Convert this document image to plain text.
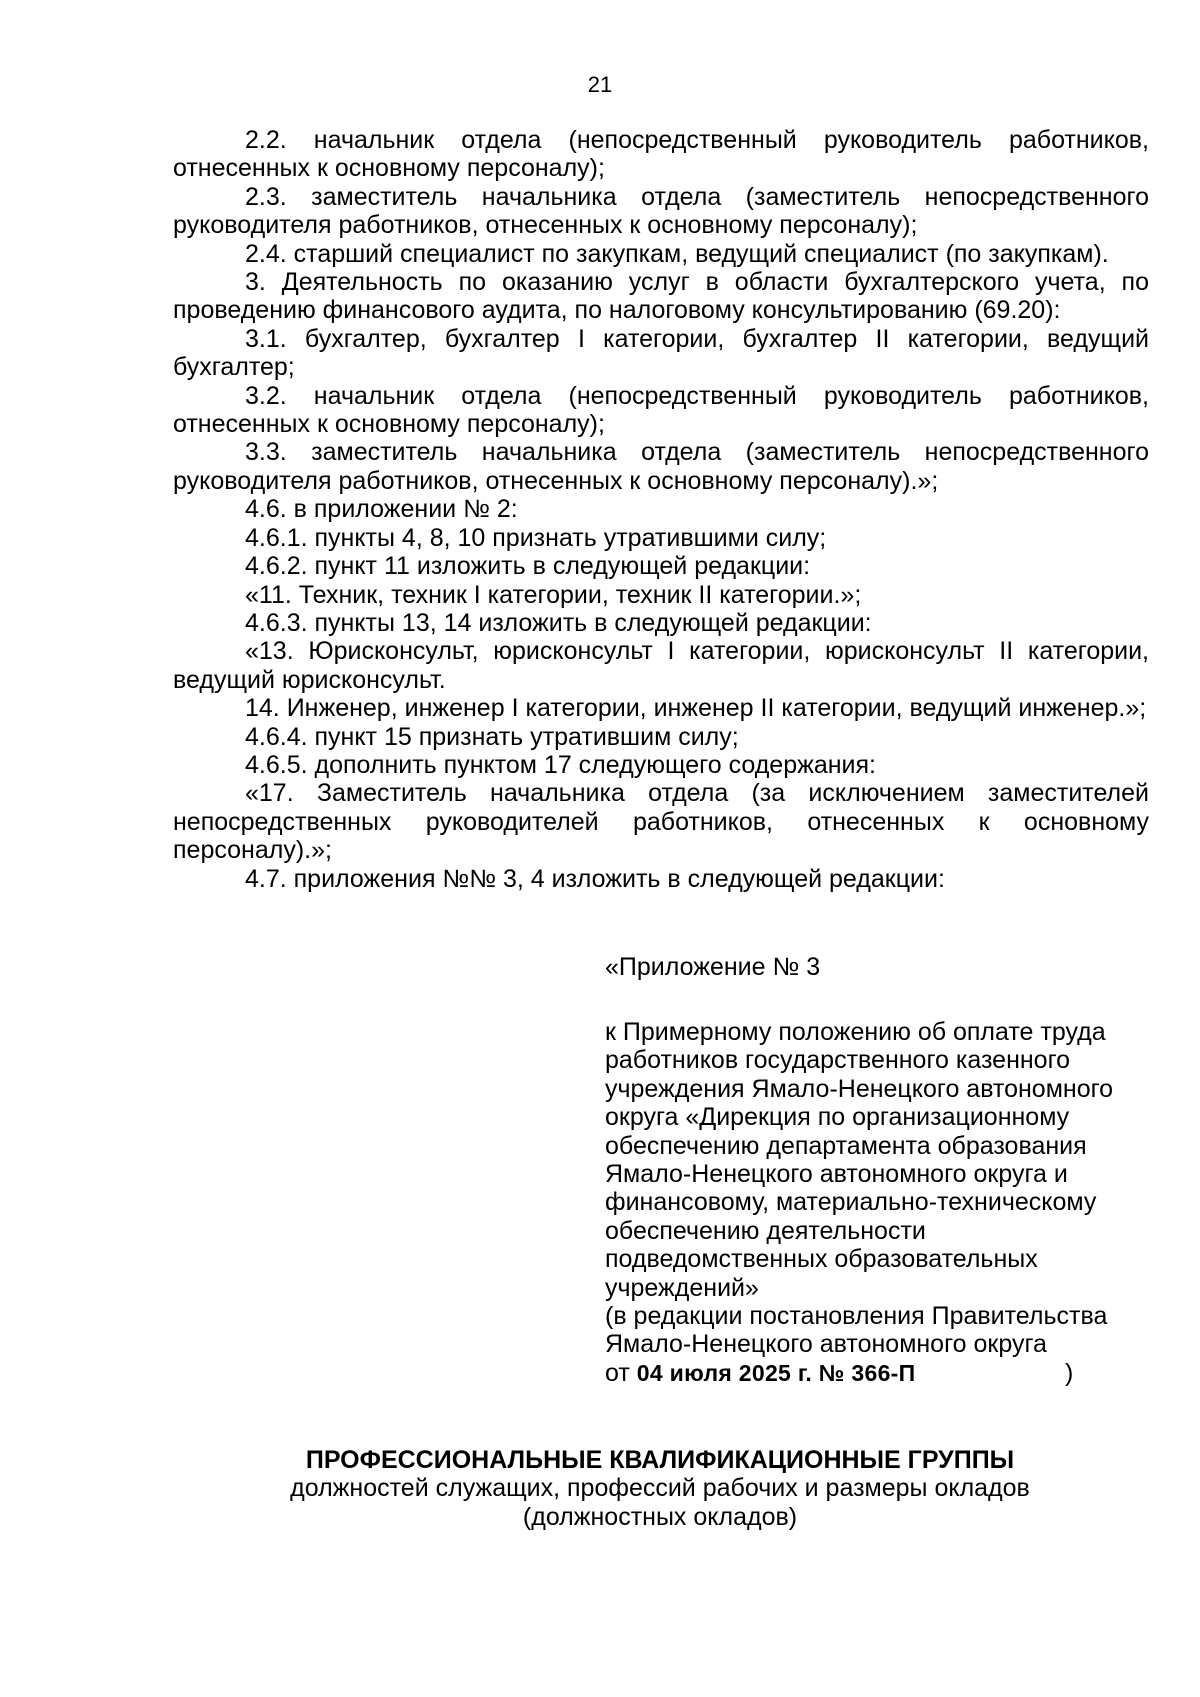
21

2.2. начальник отдела (непосредственный руководитель работников, отнесенных к основному персоналу);

2.3. заместитель начальника отдела (заместитель непосредственного руководителя работников, отнесенных к основному персоналу);

2.4. старший специалист по закупкам, ведущий специалист (по закупкам).

3. Деятельность по оказанию услуг в области бухгалтерского учета, по проведению финансового аудита, по налоговому консультированию (69.20):

3.1. бухгалтер, бухгалтер I категории, бухгалтер II категории, ведущий бухгалтер;

3.2. начальник отдела (непосредственный руководитель работников, отнесенных к основному персоналу);

3.3. заместитель начальника отдела (заместитель непосредственного руководителя работников, отнесенных к основному персоналу).»;

4.6. в приложении № 2:

4.6.1. пункты 4, 8, 10 признать утратившими силу;

4.6.2. пункт 11 изложить в следующей редакции:

«11. Техник, техник I категории, техник II категории.»;

4.6.3. пункты 13, 14 изложить в следующей редакции:

«13. Юрисконсульт, юрисконсульт I категории, юрисконсульт II категории, ведущий юрисконсульт.

14. Инженер, инженер I категории, инженер II категории, ведущий инженер.»;

4.6.4. пункт 15 признать утратившим силу;

4.6.5. дополнить пунктом 17 следующего содержания:

«17. Заместитель начальника отдела (за исключением заместителей непосредственных руководителей работников, отнесенных к основному персоналу).»;

4.7. приложения №№ 3, 4 изложить в следующей редакции:

«Приложение № 3

к Примерному положению об оплате труда

работников государственного казенного

учреждения Ямало-Ненецкого автономного

округа «Дирекция по организационному

обеспечению департамента образования

Ямало-Ненецкого автономного округа и

финансовому, материально-техническому

обеспечению деятельности

подведомственных образовательных

учреждений»

(в редакции постановления Правительства

Ямало-Ненецкого автономного округа

от 04 июля 2025 г. № 366-П	)
ПРОФЕССИОНАЛЬНЫЕ КВАЛИФИКАЦИОННЫЕ ГРУППЫ
должностей служащих, профессий рабочих и размеры окладов
(должностных окладов)
